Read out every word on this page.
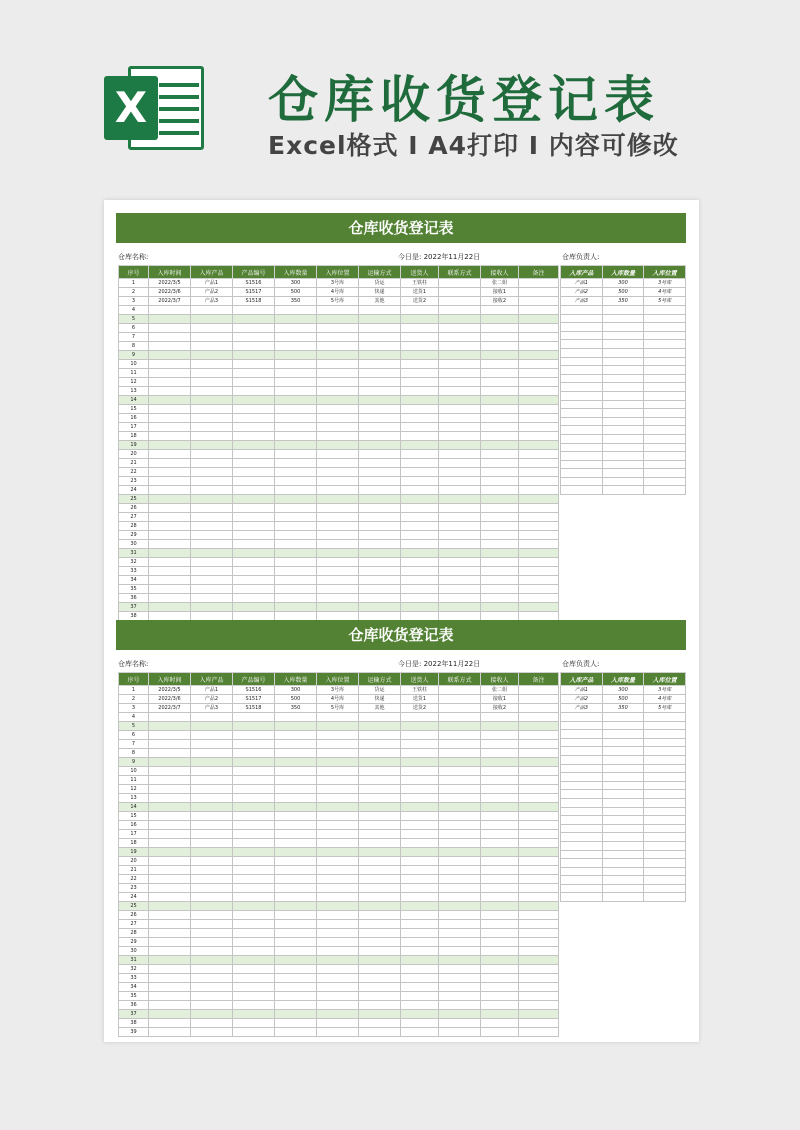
X 仓库收货登记表
Excel格式 I A4打印 I 内容可修改
仓库收货登记表
仓库名称:	今日是: 2022年11月22日	仓库负责人:
序号	入库时间	入库产品	产品编号	入库数量	入库位置	运输方式	送货人	联系方式	接收人	备注
1	2022/3/5	产品1	S1516	300	3号库	货运	王铁柱		张二姐	
2	2022/3/6	产品2	S1517	500	4号库	快递	送货1		接收1	
3	2022/3/7	产品3	S1518	350	5号库	其他	送货2		接收2	
4										
5										
6										
7										
8										
9										
10										
11										
12										
13										
14										
15										
16										
17										
18										
19										
20										
21										
22										
23										
24										
25										
26										
27										
28										
29										
30										
31										
32										
33										
34										
35										
36										
37										
38										

入库产品	入库数量	入库位置
产品1	300	3号库
产品2	500	4号库
产品3	350	5号库

仓库收货登记表
仓库名称:	今日是: 2022年11月22日	仓库负责人:
序号	入库时间	入库产品	产品编号	入库数量	入库位置	运输方式	送货人	联系方式	接收人	备注
1	2022/3/5	产品1	S1516	300	3号库	货运	王铁柱		张二姐	
2	2022/3/6	产品2	S1517	500	4号库	快递	送货1		接收1	
3	2022/3/7	产品3	S1518	350	5号库	其他	送货2		接收2	
4										
5										
6										
7										
8										
9										
10										
11										
12										
13										
14										
15										
16										
17										
18										
19										
20										
21										
22										
23										
24										
25										
26										
27										
28										
29										
30										
31										
32										
33										
34										
35										
36										
37										
38										
39										
入库产品	入库数量	入库位置
产品1	300	3号库
产品2	500	4号库
产品3	350	5号库
